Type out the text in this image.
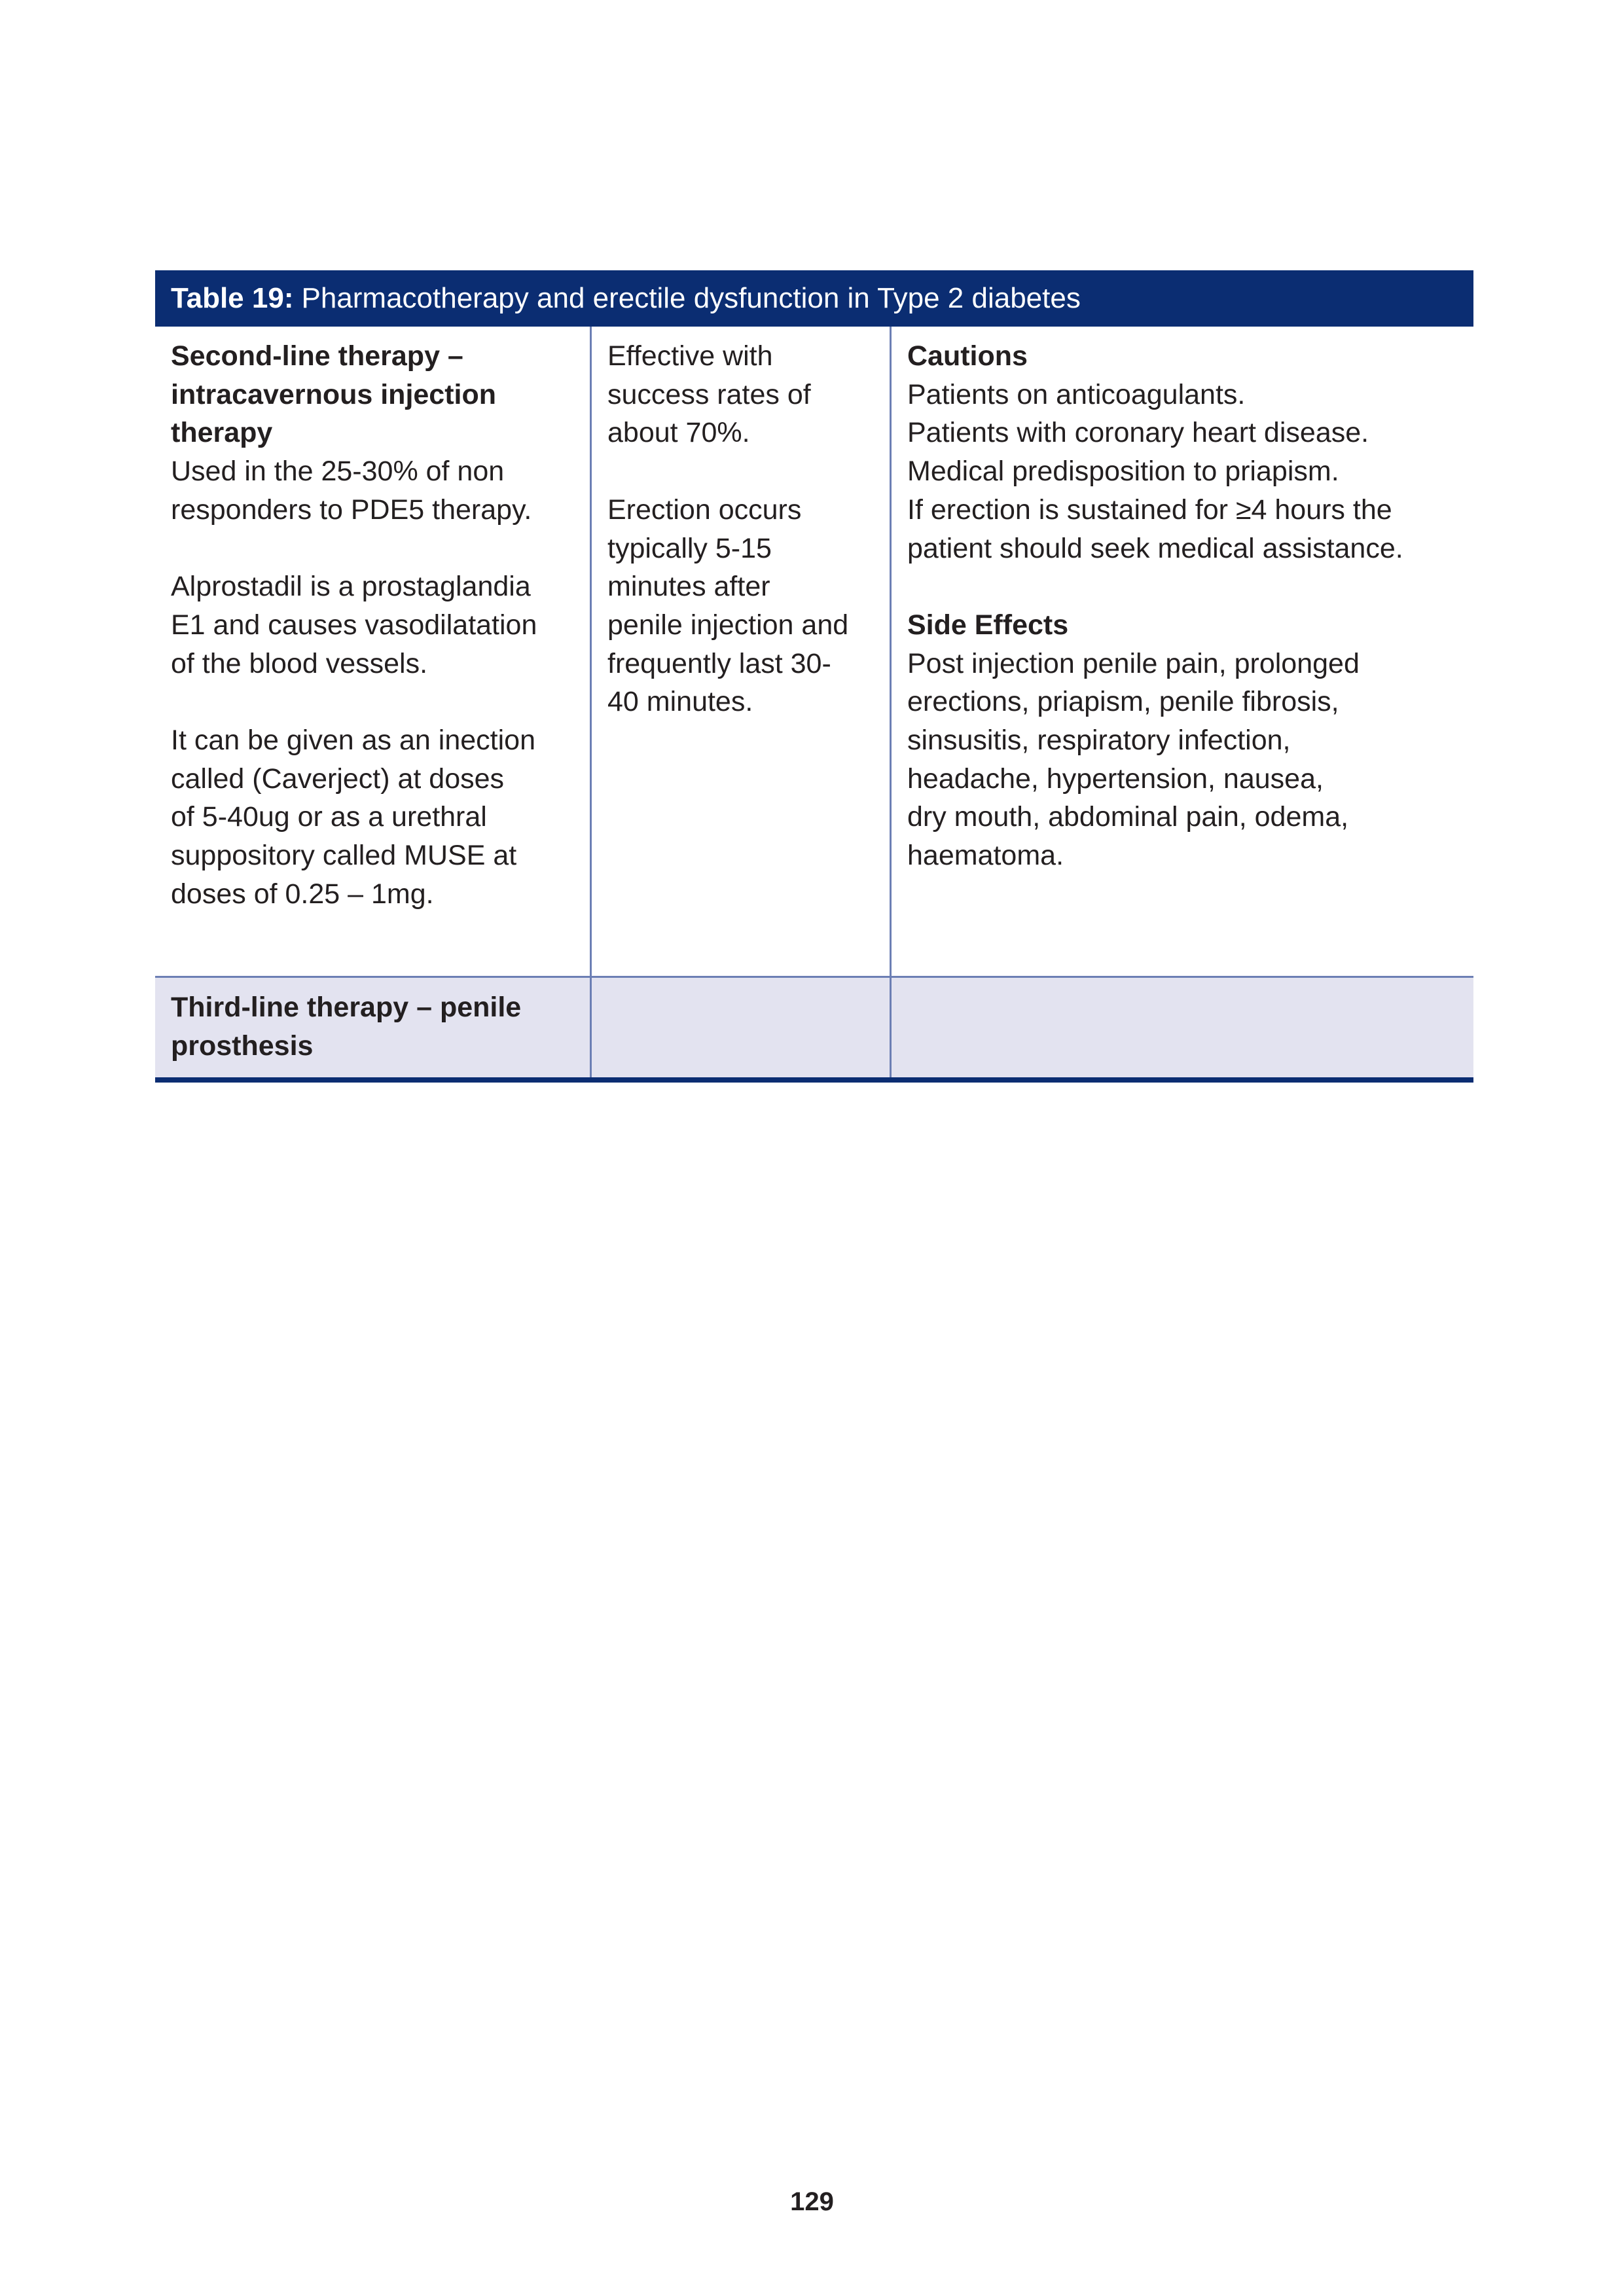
Table 19: Pharmacotherapy and erectile dysfunction in Type 2 diabetes
Second-line therapy –
intracavernous injection
therapy
Used in the 25-30% of non
responders to PDE5 therapy.
Alprostadil is a prostaglandia
E1 and causes vasodilatation
of the blood vessels.
It can be given as an inection
called (Caverject) at doses
of 5-40ug or as a urethral
suppository called MUSE at
doses of 0.25 – 1mg.
Effective with
success rates of
about 70%.
Erection occurs
typically 5-15
minutes after
penile injection and
frequently last 30-
40 minutes.
Cautions
Patients on anticoagulants.
Patients with coronary heart disease.
Medical predisposition to priapism.
If erection is sustained for ≥4 hours the
patient should seek medical assistance.
Side Effects
Post injection penile pain, prolonged
erections, priapism, penile fibrosis,
sinsusitis, respiratory infection,
headache, hypertension, nausea,
dry mouth, abdominal pain, odema,
haematoma.
Third-line therapy – penile
prosthesis
129
